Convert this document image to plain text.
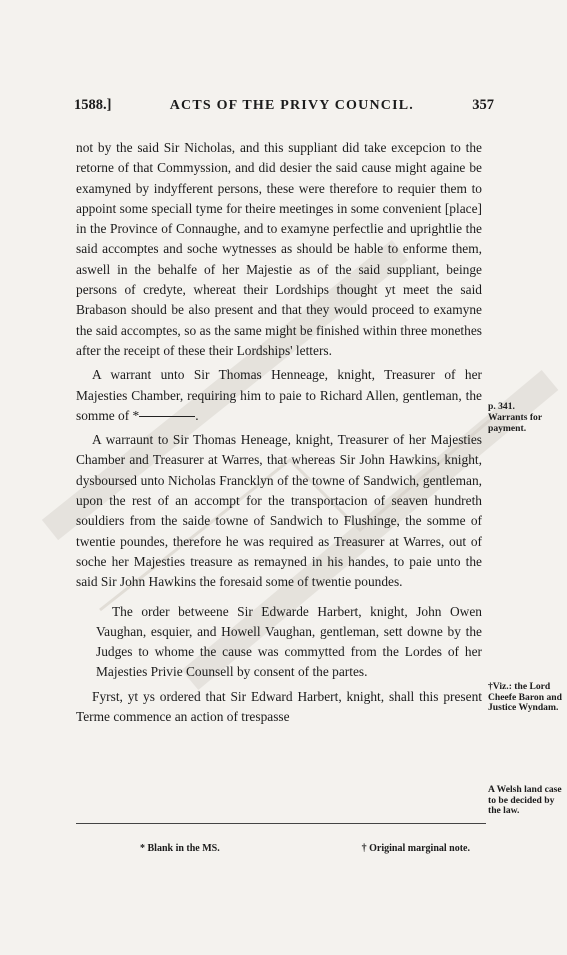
1588.]	ACTS OF THE PRIVY COUNCIL.	357

not by the said Sir Nicholas, and this suppliant did take excepcion to the retorne of that Commyssion, and did desier the said cause might againe be examyned by indyfferent persons, these were therefore to requier them to appoint some speciall tyme for theire meetinges in some convenient [place] in the Province of Connaughe, and to examyne perfectlie and uprightlie the said accomptes and soche wytnesses as should be hable to enforme them, aswell in the behalfe of her Majestie as of the said suppliant, beinge persons of credyte, whereat their Lordships thought yt meet the said Brabason should be also present and that they would proceed to examyne the said accomptes, so as the same might be finished within three monethes after the receipt of these their Lordships' letters.

A warrant unto Sir Thomas Henneage, knight, Treasurer of her Majesties Chamber, requiring him to paie to Richard Allen, gentleman, the somme of *	.

A warraunt to Sir Thomas Heneage, knight, Treasurer of her Majesties Chamber and Treasurer at Warres, that whereas Sir John Hawkins, knight, dysboursed unto Nicholas Francklyn of the towne of Sandwich, gentleman, upon the rest of an accompt for the transportacion of seaven hundreth souldiers from the saide towne of Sandwich to Flushinge, the somme of twentie poundes, therefore he was required as Treasurer at Warres, out of soche her Majesties treasure as remayned in his handes, to paie unto the said Sir John Hawkins the foresaid some of twentie poundes.

The order betweene Sir Edwarde Harbert, knight, John Owen Vaughan, esquier, and Howell Vaughan, gentleman, sett downe by the Judges to whome the cause was commytted from the Lordes of her Majesties Privie Counsell by consent of the partes.

Fyrst, yt ys ordered that Sir Edward Harbert, knight, shall this present Terme commence an action of trespasse

p. 341.
Warrants for payment.
†Viz.: the Lord Cheefe Baron and Justice Wyndam.
A Welsh land case to be decided by the law.
* Blank in the MS.	† Original marginal note.
